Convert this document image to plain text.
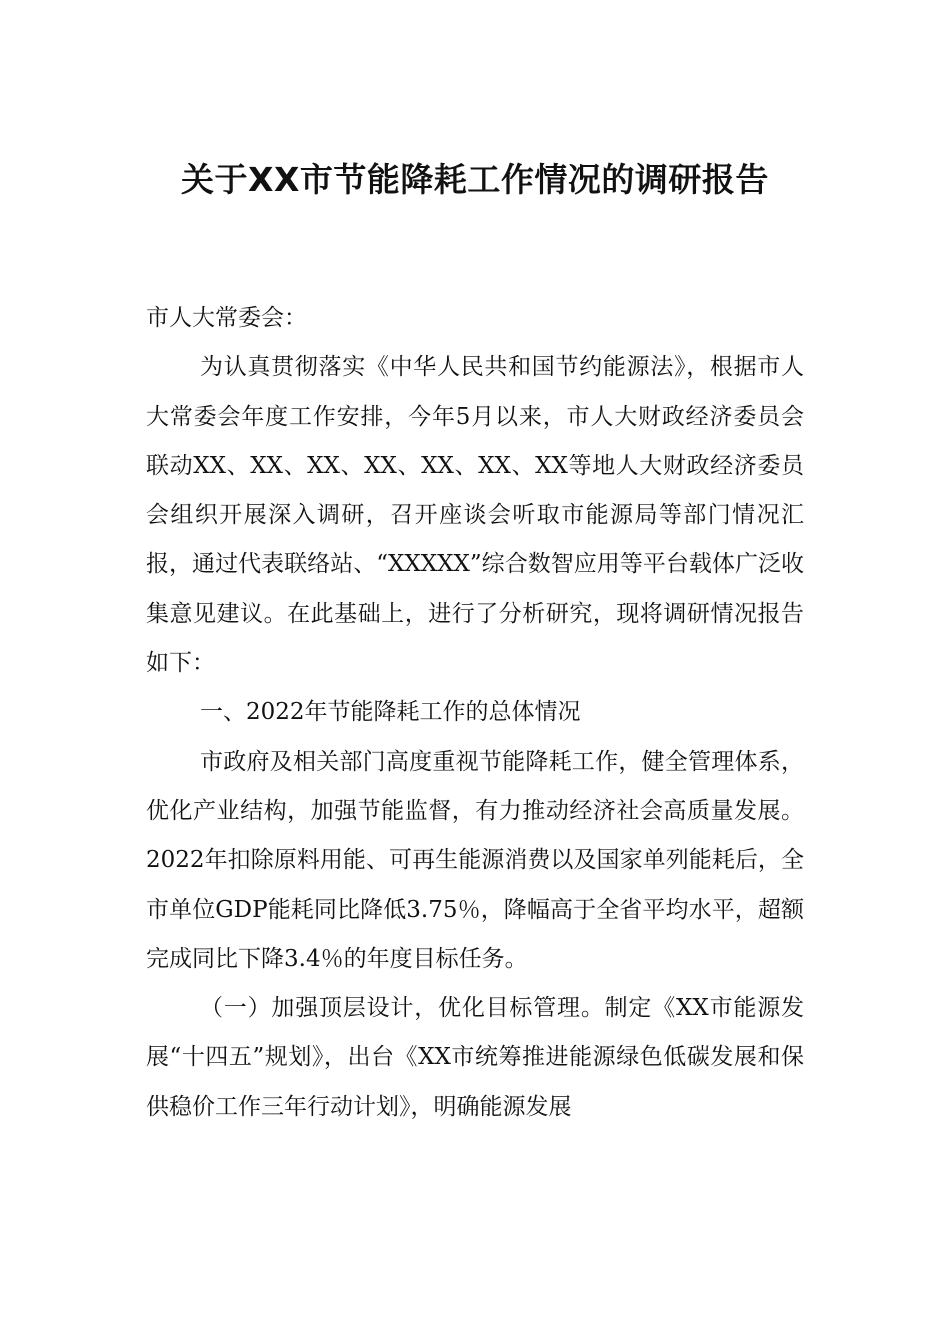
关于XX市节能降耗工作情况的调研报告

市人大常委会：

为认真贯彻落实《中华人民共和国节约能源法》，根据市人大常委会年度工作安排，今年5月以来，市人大财政经济委员会联动XX、XX、XX、XX、XX、XX、XX等地人大财政经济委员会组织开展深入调研，召开座谈会听取市能源局等部门情况汇报，通过代表联络站、“XXXXX”综合数智应用等平台载体广泛收集意见建议。在此基础上，进行了分析研究，现将调研情况报告如下：

一、2022年节能降耗工作的总体情况

市政府及相关部门高度重视节能降耗工作，健全管理体系，优化产业结构，加强节能监督，有力推动经济社会高质量发展。2022年扣除原料用能、可再生能源消费以及国家单列能耗后，全市单位GDP能耗同比降低3.75％，降幅高于全省平均水平，超额完成同比下降3.4％的年度目标任务。

（一）加强顶层设计，优化目标管理。制定《XX市能源发展“十四五”规划》，出台《XX市统筹推进能源绿色低碳发展和保供稳价工作三年行动计划》，明确能源发展
